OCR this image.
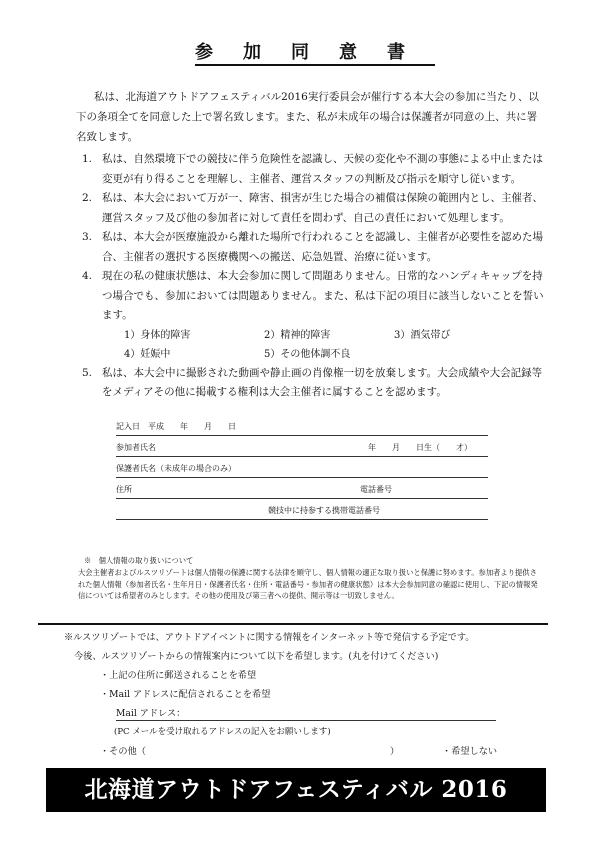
参加同意書

私は、北海道アウトドアフェスティバル2016実行委員会が催行する本大会の参加に当たり、以下の条項全てを同意した上で署名致します。また、私が未成年の場合は保護者が同意の上、共に署名致します。

1. 私は、自然環境下での競技に伴う危険性を認識し、天候の変化や不測の事態による中止または変更が有り得ることを理解し、主催者、運営スタッフの判断及び指示を順守し従います。
2. 私は、本大会において万が一、障害、損害が生じた場合の補償は保険の範囲内とし、主催者、運営スタッフ及び他の参加者に対して責任を問わず、自己の責任において処理します。
3. 私は、本大会が医療施設から離れた場所で行われることを認識し、主催者が必要性を認めた場合、主催者の選択する医療機関への搬送、応急処置、治療に従います。
4. 現在の私の健康状態は、本大会参加に関して問題ありません。日常的なハンディキャップを持つ場合でも、参加においては問題ありません。また、私は下記の項目に該当しないことを誓います。
1）身体的障害	2）精神的障害	3）酒気帯び
4）妊娠中	5）その他体調不良
5. 私は、本大会中に撮影された動画や静止画の肖像権一切を放棄します。大会成績や大会記録等をメディアその他に掲載する権利は大会主催者に属することを認めます。
記入日　平成　　年　　月　　日
参加者氏名	年　　月　　日生（　　才）
保護者氏名（未成年の場合のみ）
住所	電話番号
競技中に持参する携帯電話番号

※　個人情報の取り扱いについて

大会主催者およびルスツリゾートは個人情報の保護に関する法律を順守し、個人情報の適正な取り扱いと保護に努めます。参加者より提供された個人情報（参加者氏名・生年月日・保護者氏名・住所・電話番号・参加者の健康状態）は本大会参加同意の確認に使用し、下記の情報発信については希望者のみとします。その他の使用及び第三者への提供、開示等は一切致しません。

※ルスツリゾートでは、アウトドアイベントに関する情報をインターネット等で発信する予定です。
今後、ルスツリゾートからの情報案内について以下を希望します。(丸を付けてください)
・上記の住所に郵送されることを希望
・Mail アドレスに配信されることを希望
Mail アドレス：
(PC メールを受け取れるアドレスの記入をお願いします)
・その他（	）	・希望しない
北海道アウトドアフェスティバル 2016
